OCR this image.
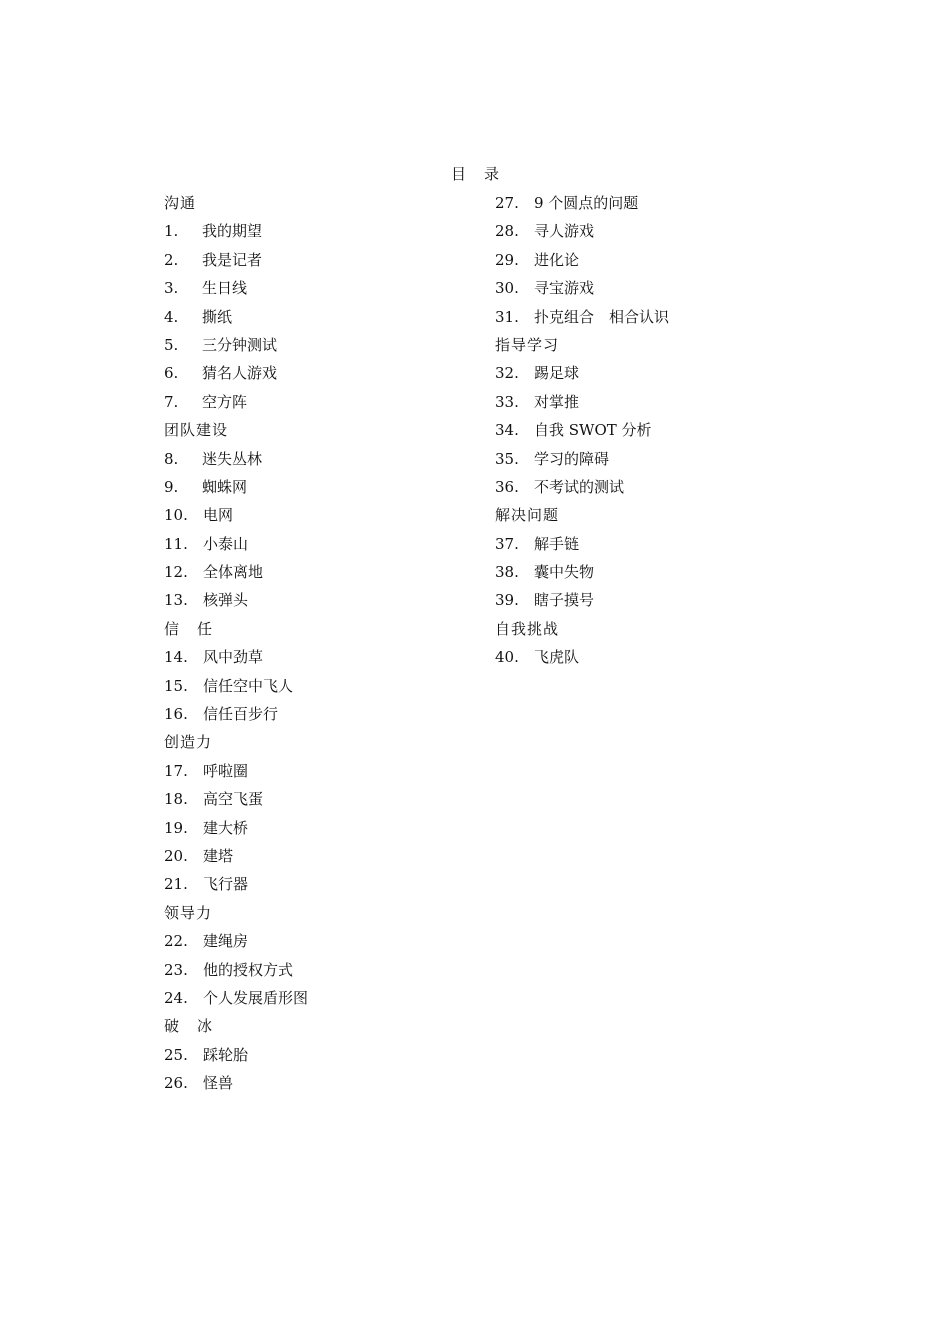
目录
沟通
1.	我的期望
2.	我是记者
3.	生日线
4.	撕纸
5.	三分钟测试
6.	猜名人游戏
7.	空方阵
团队建设
8.	迷失丛林
9.	蜘蛛网
10.	电网
11.	小泰山
12.	全体离地
13.	核弹头
信任
14.	风中劲草
15.	信任空中飞人
16.	信任百步行
创造力
17.	呼啦圈
18.	高空飞蛋
19.	建大桥
20.	建塔
21.	飞行器
领导力
22.	建绳房
23.	他的授权方式
24.	个人发展盾形图
破冰
25.	踩轮胎
26.	怪兽
27.	9 个圆点的问题
28.	寻人游戏
29.	进化论
30.	寻宝游戏
31.	扑克组合　相合认识
指导学习
32.	踢足球
33.	对掌推
34.	自我 SWOT 分析
35.	学习的障碍
36.	不考试的测试
解决问题
37.	解手链
38.	囊中失物
39.	瞎子摸号
自我挑战
40.	飞虎队
